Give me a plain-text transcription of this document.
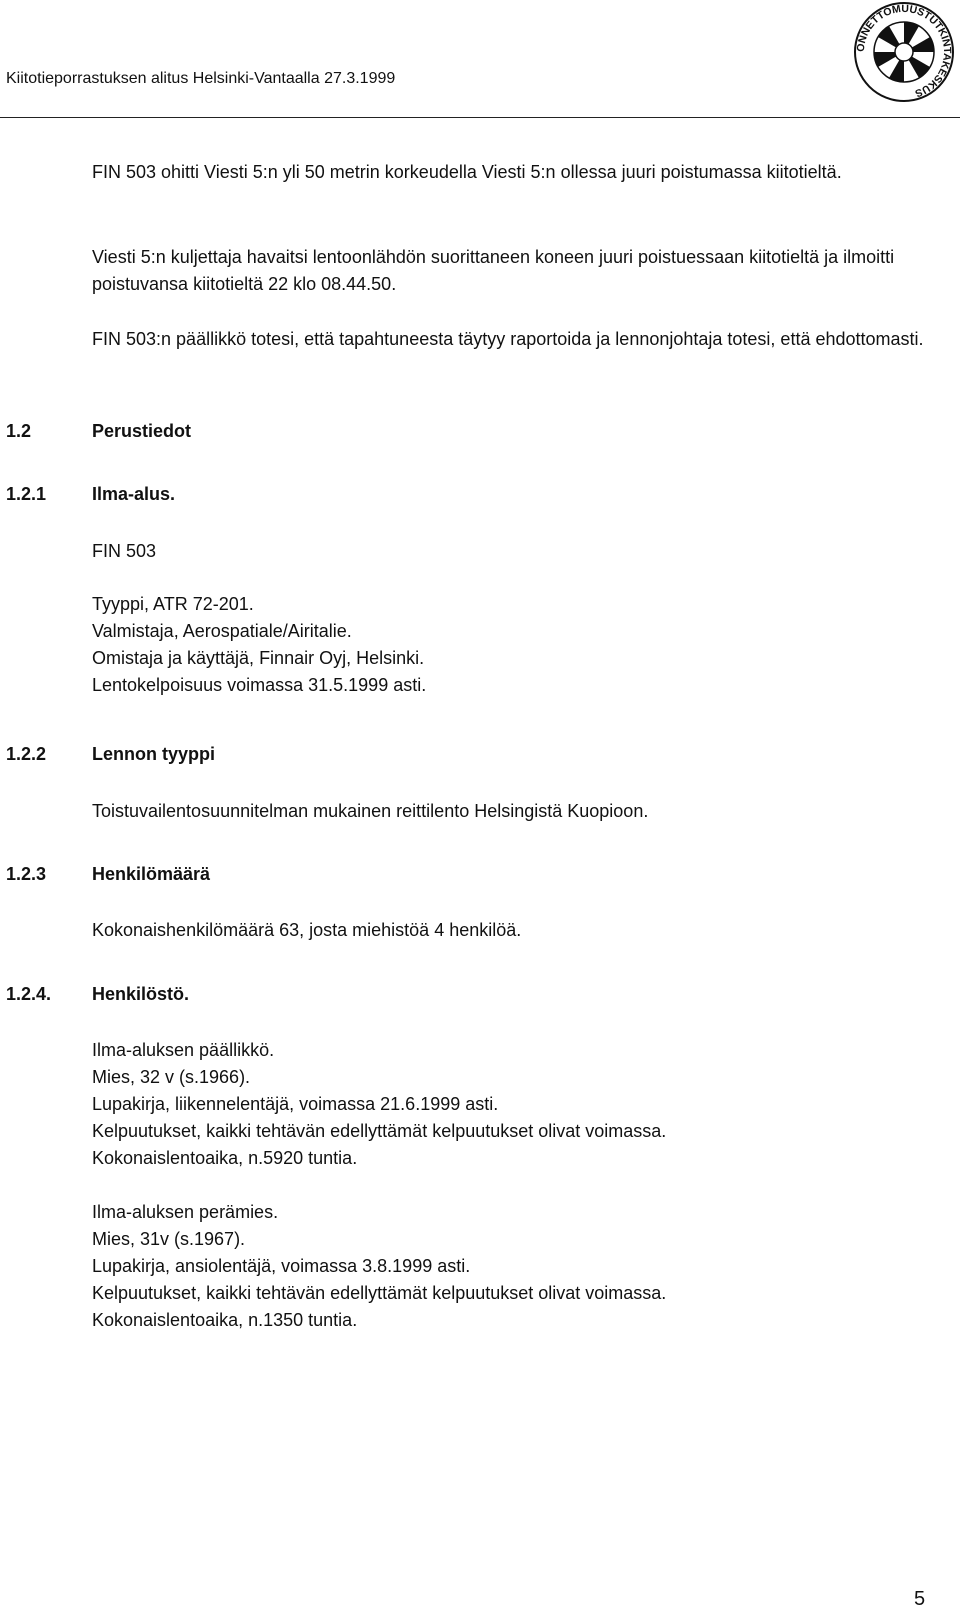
Kiitotieporrastuksen alitus Helsinki-Vantaalla 27.3.1999
ONNETTOMUUSTUTKINTAKESKUS
FIN 503 ohitti Viesti 5:n yli 50 metrin korkeudella Viesti 5:n ollessa juuri poistumassa kiitotieltä.
Viesti 5:n kuljettaja havaitsi lentoonlähdön suorittaneen koneen juuri poistuessaan kiitotieltä ja ilmoitti poistuvansa kiitotieltä 22 klo 08.44.50.
FIN 503:n päällikkö totesi, että tapahtuneesta täytyy raportoida ja lennonjohtaja totesi, että ehdottomasti.
1.2	Perustiedot
1.2.1	Ilma-alus.
FIN 503
Tyyppi, ATR 72-201.
Valmistaja, Aerospatiale/Airitalie.
Omistaja ja käyttäjä, Finnair Oyj, Helsinki.
Lentokelpoisuus voimassa 31.5.1999 asti.
1.2.2	Lennon tyyppi
Toistuvailentosuunnitelman mukainen reittilento Helsingistä Kuopioon.
1.2.3	Henkilömäärä
Kokonaishenkilömäärä 63, josta miehistöä 4 henkilöä.
1.2.4. Henkilöstö.
Ilma-aluksen päällikkö.
Mies, 32 v (s.1966).
Lupakirja, liikennelentäjä, voimassa 21.6.1999 asti.
Kelpuutukset, kaikki tehtävän edellyttämät kelpuutukset olivat voimassa.
Kokonaislentoaika, n.5920 tuntia.
Ilma-aluksen perämies.
Mies, 31v (s.1967).
Lupakirja, ansiolentäjä, voimassa 3.8.1999 asti.
Kelpuutukset, kaikki tehtävän edellyttämät kelpuutukset olivat voimassa.
Kokonaislentoaika, n.1350 tuntia.
5
